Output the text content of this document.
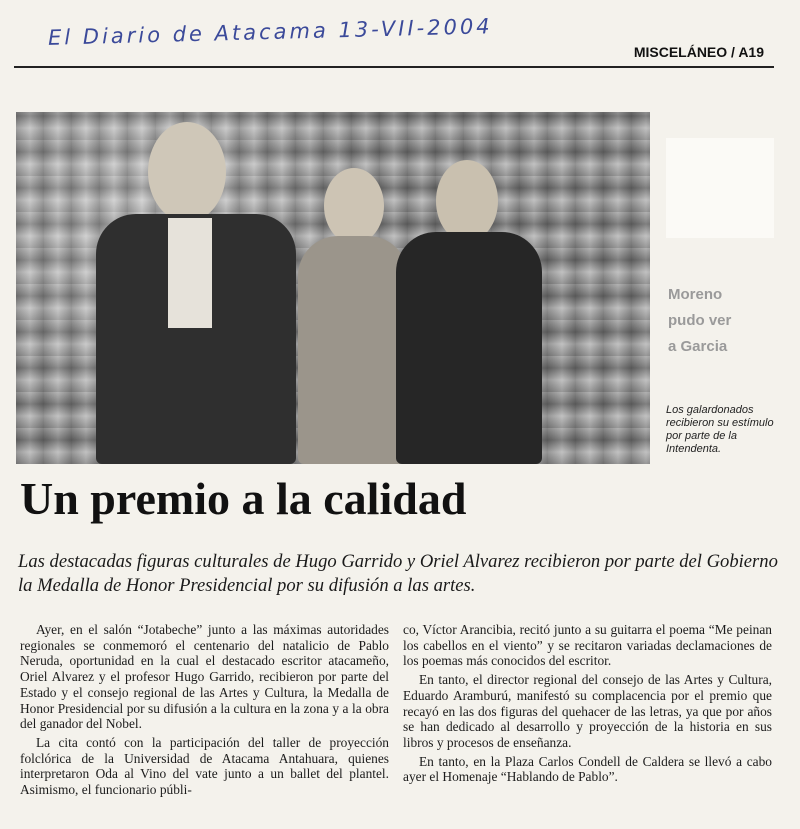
El Diario de Atacama 13-VII-2004
MISCELÁNEO / A19
Moreno
pudo ver
a Garcia
Los galardonados recibieron su estímulo por parte de la Intendenta.
Un premio a la calidad
Las destacadas figuras culturales de Hugo Garrido y Oriel Alvarez recibieron por parte del Gobierno la Medalla de Honor Presidencial por su difusión a las artes.

Ayer, en el salón “Jotabeche” junto a las máximas autoridades regionales se conmemoró el centenario del natalicio de Pablo Neruda, oportunidad en la cual el destacado escritor atacameño, Oriel Alvarez y el profesor Hugo Garrido, recibieron por parte del Estado y el consejo regional de las Artes y Cultura, la Medalla de Honor Presidencial por su difusión a la cultura en la zona y a la obra del ganador del Nobel.

La cita contó con la participación del taller de proyección folclórica de la Universidad de Atacama Antahuara, quienes interpretaron Oda al Vino del vate junto a un ballet del plantel. Asimismo, el funcionario públi-

co, Víctor Arancibia, recitó junto a su guitarra el poema “Me peinan los cabellos en el viento” y se recitaron variadas declamaciones de los poemas más conocidos del escritor.

En tanto, el director regional del consejo de las Artes y Cultura, Eduardo Aramburú, manifestó su complacencia por el premio que recayó en las dos figuras del quehacer de las letras, ya que por años se han dedicado al desarrollo y proyección de la historia en sus libros y procesos de enseñanza.

En tanto, en la Plaza Carlos Condell de Caldera se llevó a cabo ayer el Homenaje “Hablando de Pablo”.
